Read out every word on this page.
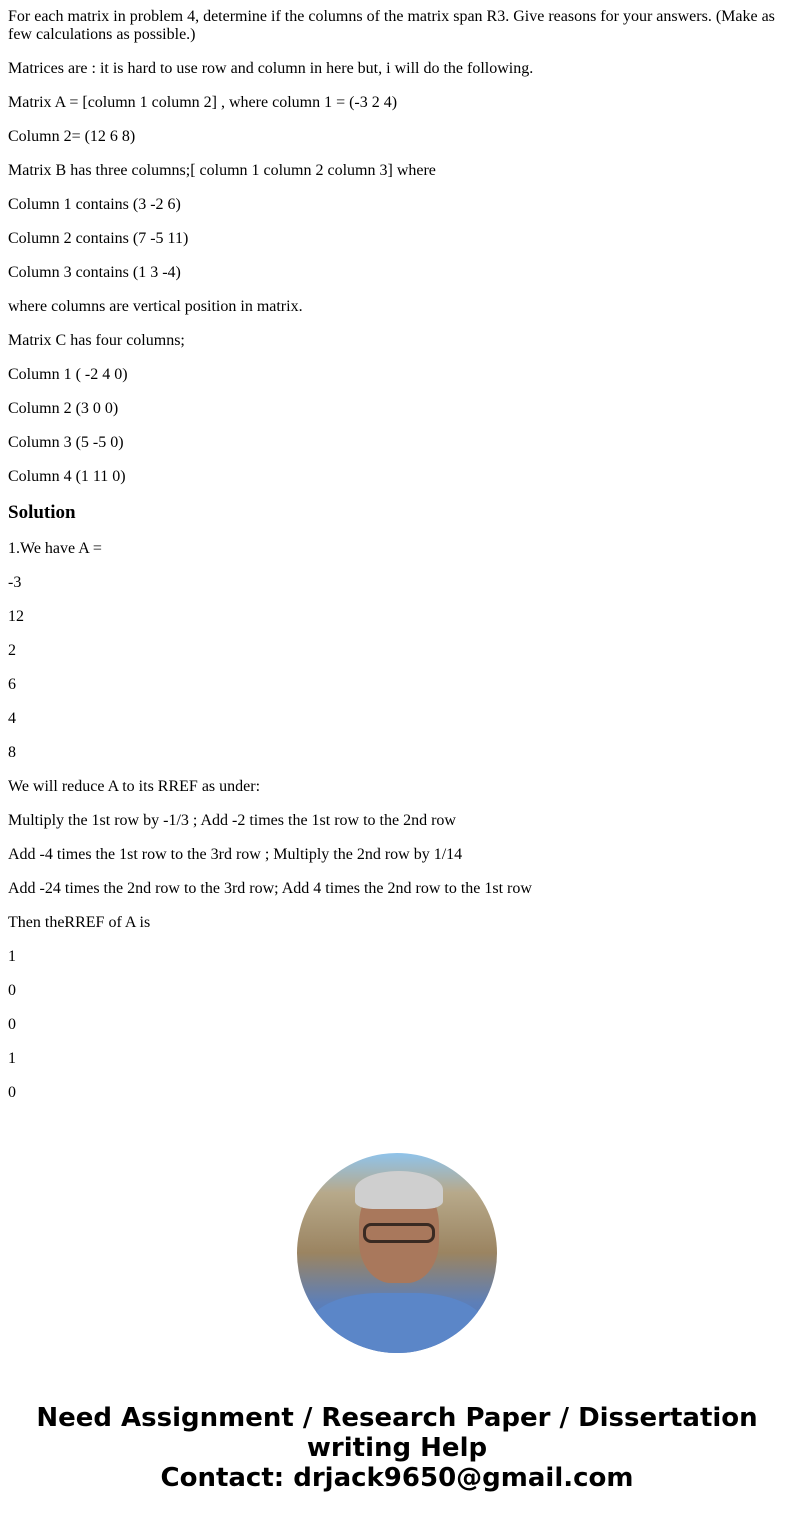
For each matrix in problem 4, determine if the columns of the matrix span R3. Give reasons for your answers. (Make as few calculations as possible.)

Matrices are : it is hard to use row and column in here but, i will do the following.

Matrix A = [column 1 column 2] , where column 1 = (-3 2 4)

Column 2= (12 6 8)

Matrix B has three columns;[ column 1 column 2 column 3] where

Column 1 contains (3 -2 6)

Column 2 contains (7 -5 11)

Column 3 contains (1 3 -4)

where columns are vertical position in matrix.

Matrix C has four columns;

Column 1 ( -2 4 0)

Column 2 (3 0 0)

Column 3 (5 -5 0)

Column 4 (1 11 0)

Solution

1.We have A =

-3

12

2

6

4

8

We will reduce A to its RREF as under:

Multiply the 1st row by -1/3 ; Add -2 times the 1st row to the 2nd row

Add -4 times the 1st row to the 3rd row ; Multiply the 2nd row by 1/14

Add -24 times the 2nd row to the 3rd row; Add 4 times the 2nd row to the 1st row

Then theRREF of A is

1

0

0

1

0

Need Assignment / Research Paper / Dissertation writing Help
Contact: drjack9650@gmail.com
